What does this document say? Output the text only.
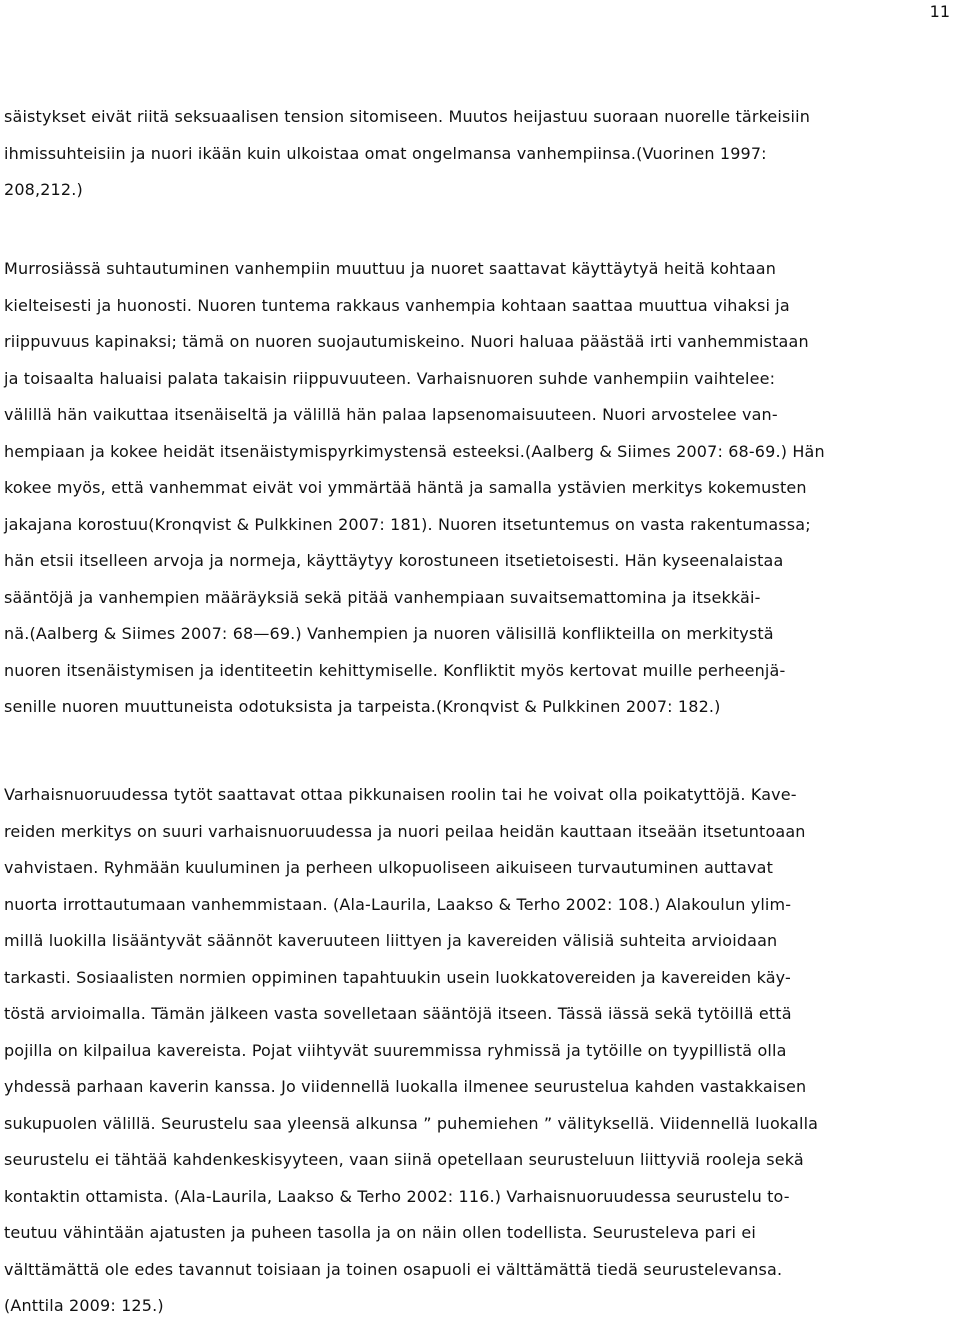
11
säistykset eivät riitä seksuaalisen tension sitomiseen. Muutos heijastuu suoraan nuorelle tärkeisiin
ihmissuhteisiin ja nuori ikään kuin ulkoistaa omat ongelmansa vanhempiinsa.(Vuorinen 1997:
208,212.)
Murrosiässä suhtautuminen vanhempiin muuttuu ja nuoret saattavat käyttäytyä heitä kohtaan
kielteisesti ja huonosti. Nuoren tuntema rakkaus vanhempia kohtaan saattaa muuttua vihaksi ja
riippuvuus kapinaksi; tämä on nuoren suojautumiskeino. Nuori haluaa päästää irti vanhemmistaan
ja toisaalta haluaisi palata takaisin riippuvuuteen. Varhaisnuoren suhde vanhempiin vaihtelee:
välillä hän vaikuttaa itsenäiseltä ja välillä hän palaa lapsenomaisuuteen. Nuori arvostelee van-
hempiaan ja kokee heidät itsenäistymispyrkimystensä esteeksi.(Aalberg & Siimes 2007: 68-69.) Hän
kokee myös, että vanhemmat eivät voi ymmärtää häntä ja samalla ystävien merkitys kokemusten
jakajana korostuu(Kronqvist & Pulkkinen 2007: 181). Nuoren itsetuntemus on vasta rakentumassa;
hän etsii itselleen arvoja ja normeja, käyttäytyy korostuneen itsetietoisesti. Hän kyseenalaistaa
sääntöjä ja vanhempien määräyksiä sekä pitää vanhempiaan suvaitsemattomina ja itsekkäi-
nä.(Aalberg & Siimes 2007: 68—69.) Vanhempien ja nuoren välisillä konflikteilla on merkitystä
nuoren itsenäistymisen ja identiteetin kehittymiselle. Konfliktit myös kertovat muille perheenjä-
senille nuoren muuttuneista odotuksista ja tarpeista.(Kronqvist & Pulkkinen 2007: 182.)
Varhaisnuoruudessa tytöt saattavat ottaa pikkunaisen roolin tai he voivat olla poikatyttöjä. Kave-
reiden merkitys on suuri varhaisnuoruudessa ja nuori peilaa heidän kauttaan itseään itsetuntoaan
vahvistaen. Ryhmään kuuluminen ja perheen ulkopuoliseen aikuiseen turvautuminen auttavat
nuorta irrottautumaan vanhemmistaan. (Ala-Laurila, Laakso & Terho 2002: 108.) Alakoulun ylim-
millä luokilla lisääntyvät säännöt kaveruuteen liittyen ja kavereiden välisiä suhteita arvioidaan
tarkasti. Sosiaalisten normien oppiminen tapahtuukin usein luokkatovereiden ja kavereiden käy-
töstä arvioimalla. Tämän jälkeen vasta sovelletaan sääntöjä itseen. Tässä iässä sekä tytöillä että
pojilla on kilpailua kavereista. Pojat viihtyvät suuremmissa ryhmissä ja tytöille on tyypillistä olla
yhdessä parhaan kaverin kanssa. Jo viidennellä luokalla ilmenee seurustelua kahden vastakkaisen
sukupuolen välillä. Seurustelu saa yleensä alkunsa ” puhemiehen ” välityksellä. Viidennellä luokalla
seurustelu ei tähtää kahdenkeskisyyteen, vaan siinä opetellaan seurusteluun liittyviä rooleja sekä
kontaktin ottamista. (Ala-Laurila, Laakso & Terho 2002: 116.) Varhaisnuoruudessa seurustelu to-
teutuu vähintään ajatusten ja puheen tasolla ja on näin ollen todellista. Seurusteleva pari ei
välttämättä ole edes tavannut toisiaan ja toinen osapuoli ei välttämättä tiedä seurustelevansa.
(Anttila 2009: 125.)
